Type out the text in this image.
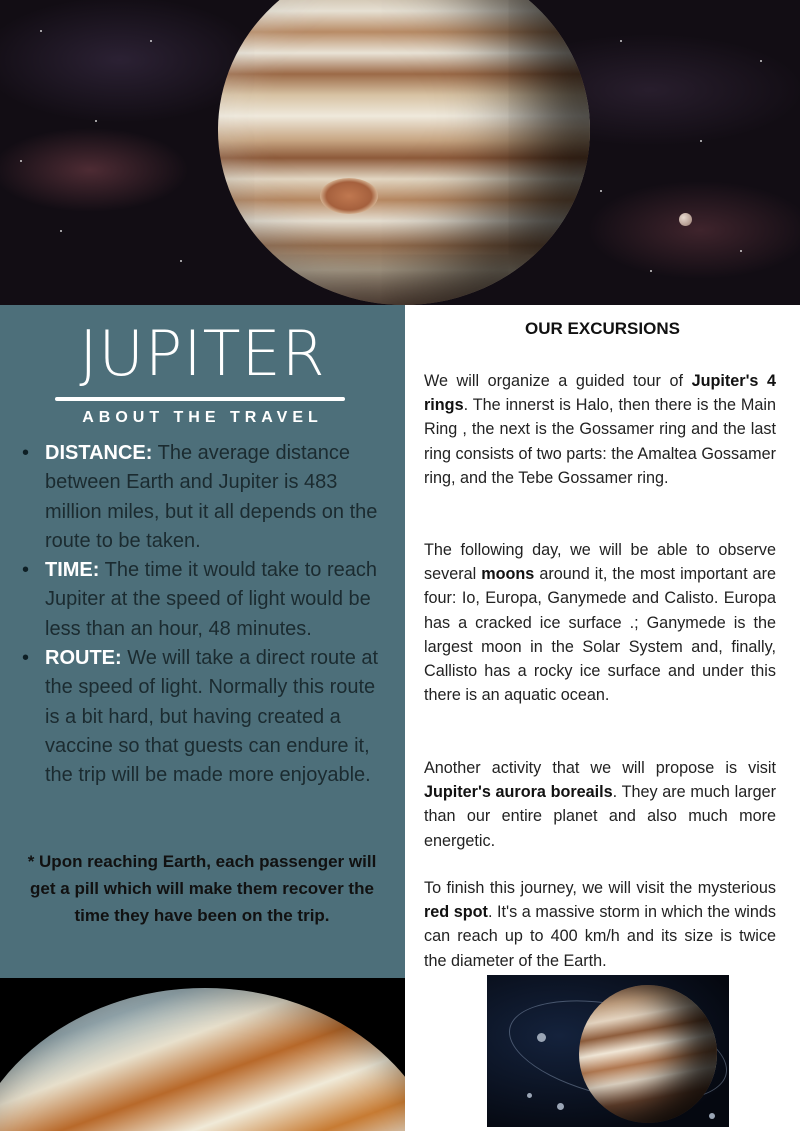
JUPITER
ABOUT THE TRAVEL
• DISTANCE: The average distance between Earth and Jupiter is 483 million miles, but it all depends on the route to be taken.
• TIME: The time it would take to reach Jupiter at the speed of light would be less than an hour, 48 minutes.
• ROUTE: We will take a direct route at the speed of light. Normally this route is a bit hard, but having created a vaccine so that guests can endure it, the trip will be made more enjoyable.
* Upon reaching Earth, each passenger will get a pill which will make them recover the time they have been on the trip.
OUR EXCURSIONS

We will organize a guided tour of Jupiter's 4 rings. The innerst is Halo, then there is the Main Ring , the next is the Gossamer ring and the last ring consists of two parts: the Amaltea Gossamer ring, and the Tebe Gossamer ring.

The following day, we will be able to observe several moons around it, the most important are four: Io, Europa, Ganymede and Calisto. Europa has a cracked ice surface .; Ganymede is the largest moon in the Solar System and, finally, Callisto has a rocky ice surface and under this there is an aquatic ocean.

Another activity that we will propose is visit Jupiter's aurora boreails. They are much larger than our entire planet and also much more energetic.

To finish this journey, we will visit the mysterious red spot. It's a massive storm in which the winds can reach up to 400 km/h and its size is twice the diameter of the Earth.
